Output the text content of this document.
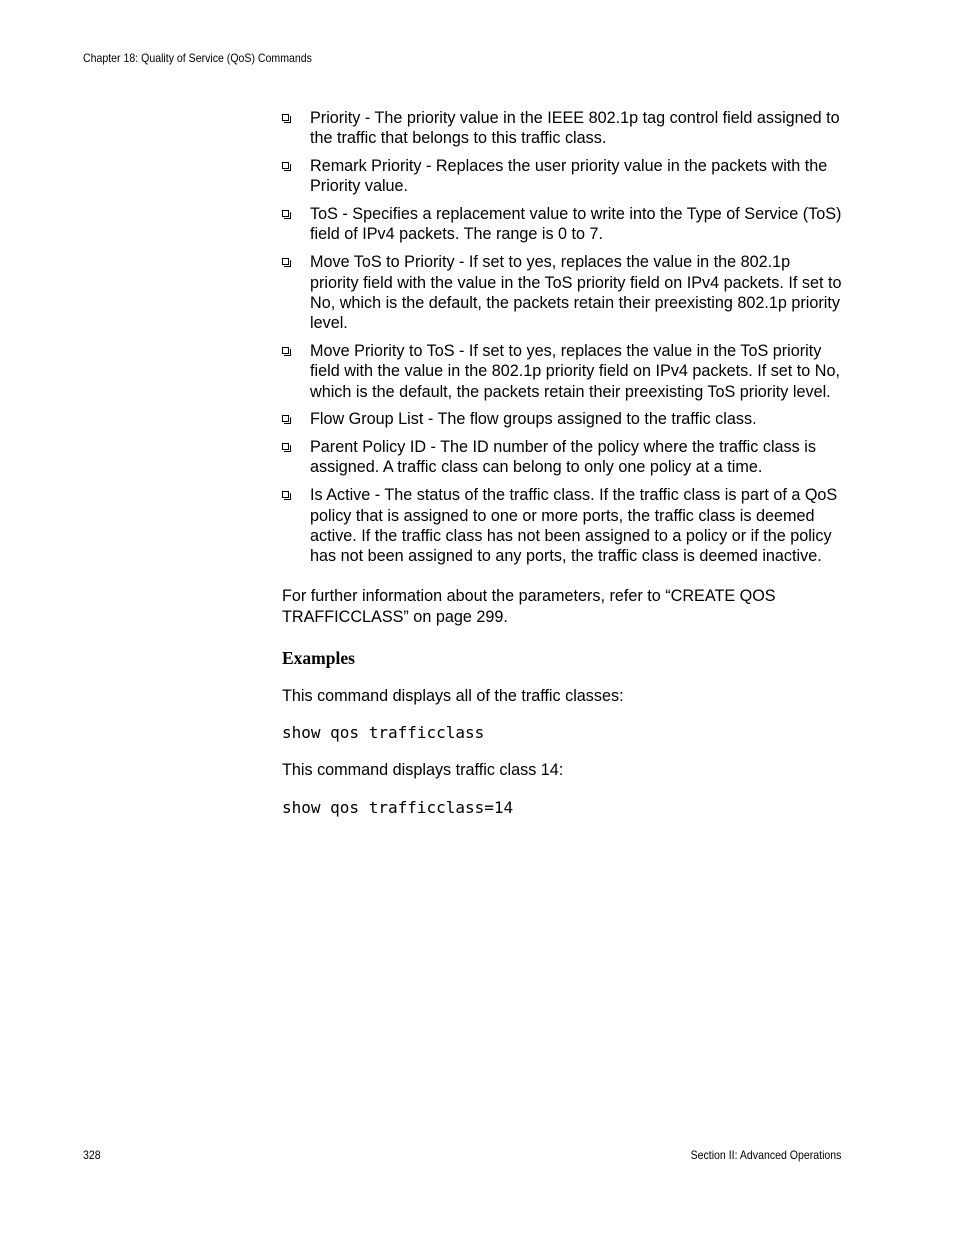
Chapter 18: Quality of Service (QoS) Commands
Priority - The priority value in the IEEE 802.1p tag control field assigned to the traffic that belongs to this traffic class.
Remark Priority - Replaces the user priority value in the packets with the Priority value.
ToS - Specifies a replacement value to write into the Type of Service (ToS) field of IPv4 packets. The range is 0 to 7.
Move ToS to Priority - If set to yes, replaces the value in the 802.1p priority field with the value in the ToS priority field on IPv4 packets. If set to No, which is the default, the packets retain their preexisting 802.1p priority level.
Move Priority to ToS - If set to yes, replaces the value in the ToS priority field with the value in the 802.1p priority field on IPv4 packets. If set to No, which is the default, the packets retain their preexisting ToS priority level.
Flow Group List - The flow groups assigned to the traffic class.
Parent Policy ID - The ID number of the policy where the traffic class is assigned. A traffic class can belong to only one policy at a time.
Is Active - The status of the traffic class. If the traffic class is part of a QoS policy that is assigned to one or more ports, the traffic class is deemed active. If the traffic class has not been assigned to a policy or if the policy has not been assigned to any ports, the traffic class is deemed inactive.

For further information about the parameters, refer to “CREATE QOS TRAFFICCLASS” on page 299.

Examples

This command displays all of the traffic classes:

show qos trafficclass

This command displays traffic class 14:

show qos trafficclass=14
328	Section II: Advanced Operations
